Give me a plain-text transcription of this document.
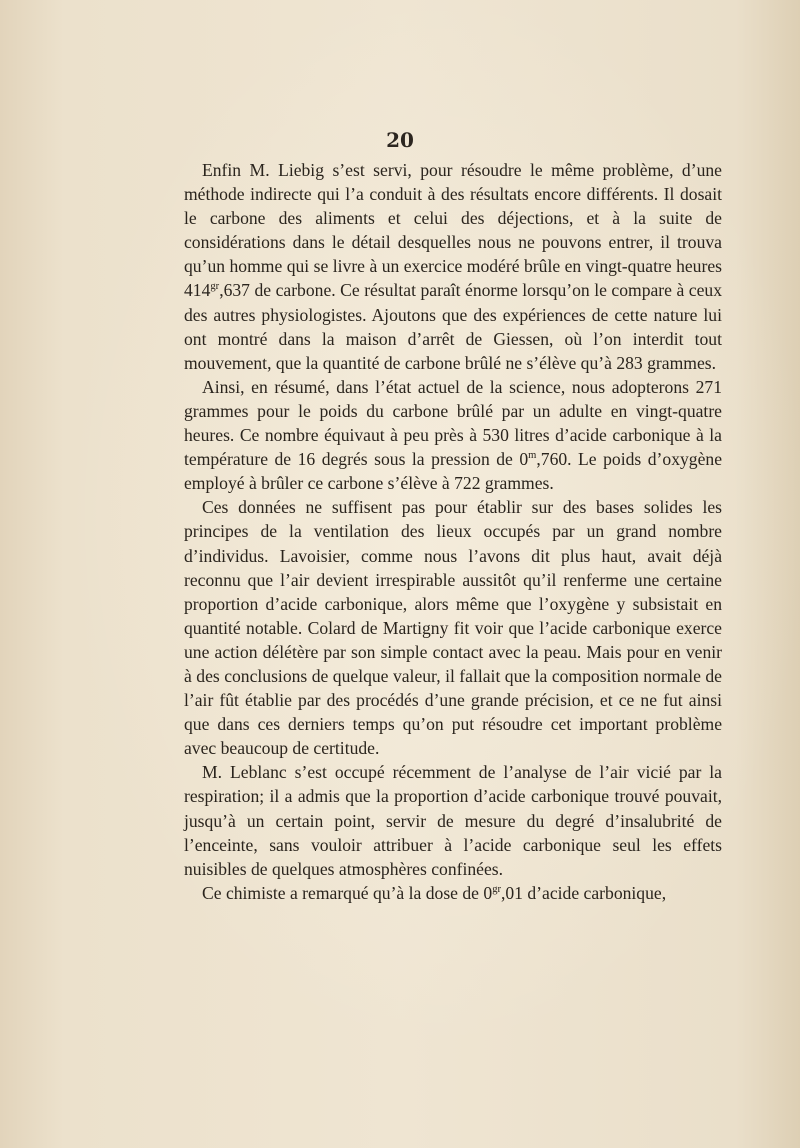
20

Enfin M. Liebig s’est servi, pour résoudre le même problème, d’une méthode indirecte qui l’a conduit à des résultats encore différents. Il dosait le carbone des aliments et celui des déjections, et à la suite de considérations dans le détail desquelles nous ne pouvons entrer, il trouva qu’un homme qui se livre à un exercice modéré brûle en vingt-quatre heures $414^{gr},637$ de carbone. Ce résultat paraît énorme lorsqu’on le compare à ceux des autres physiologistes. Ajoutons que des expériences de cette nature lui ont montré dans la maison d’arrêt de Giessen, où l’on interdit tout mouvement, que la quantité de carbone brûlé ne s’élève qu’à 283 grammes.

Ainsi, en résumé, dans l’état actuel de la science, nous adopterons 271 grammes pour le poids du carbone brûlé par un adulte en vingt-quatre heures. Ce nombre équivaut à peu près à 530 litres d’acide carbonique à la température de 16 degrés sous la pression de 0$^m$,760. Le poids d’oxygène employé à brûler ce carbone s’élève à 722 grammes.

Ces données ne suffisent pas pour établir sur des bases solides les principes de la ventilation des lieux occupés par un grand nombre d’individus. Lavoisier, comme nous l’avons dit plus haut, avait déjà reconnu que l’air devient irrespirable aussitôt qu’il renferme une certaine proportion d’acide carbonique, alors même que l’oxygène y subsistait en quantité notable. Colard de Martigny fit voir que l’acide carbonique exerce une action délétère par son simple contact avec la peau. Mais pour en venir à des conclusions de quelque valeur, il fallait que la composition normale de l’air fût établie par des procédés d’une grande précision, et ce ne fut ainsi que dans ces derniers temps qu’on put résoudre cet important problème avec beaucoup de certitude.

M. Leblanc s’est occupé récemment de l’analyse de l’air vicié par la respiration; il a admis que la proportion d’acide carbonique trouvé pouvait, jusqu’à un certain point, servir de mesure du degré d’insalubrité de l’enceinte, sans vouloir attribuer à l’acide carbonique seul les effets nuisibles de quelques atmosphères confinées.

Ce chimiste a remarqué qu’à la dose de $0^{gr},01$ d’acide carbonique,
